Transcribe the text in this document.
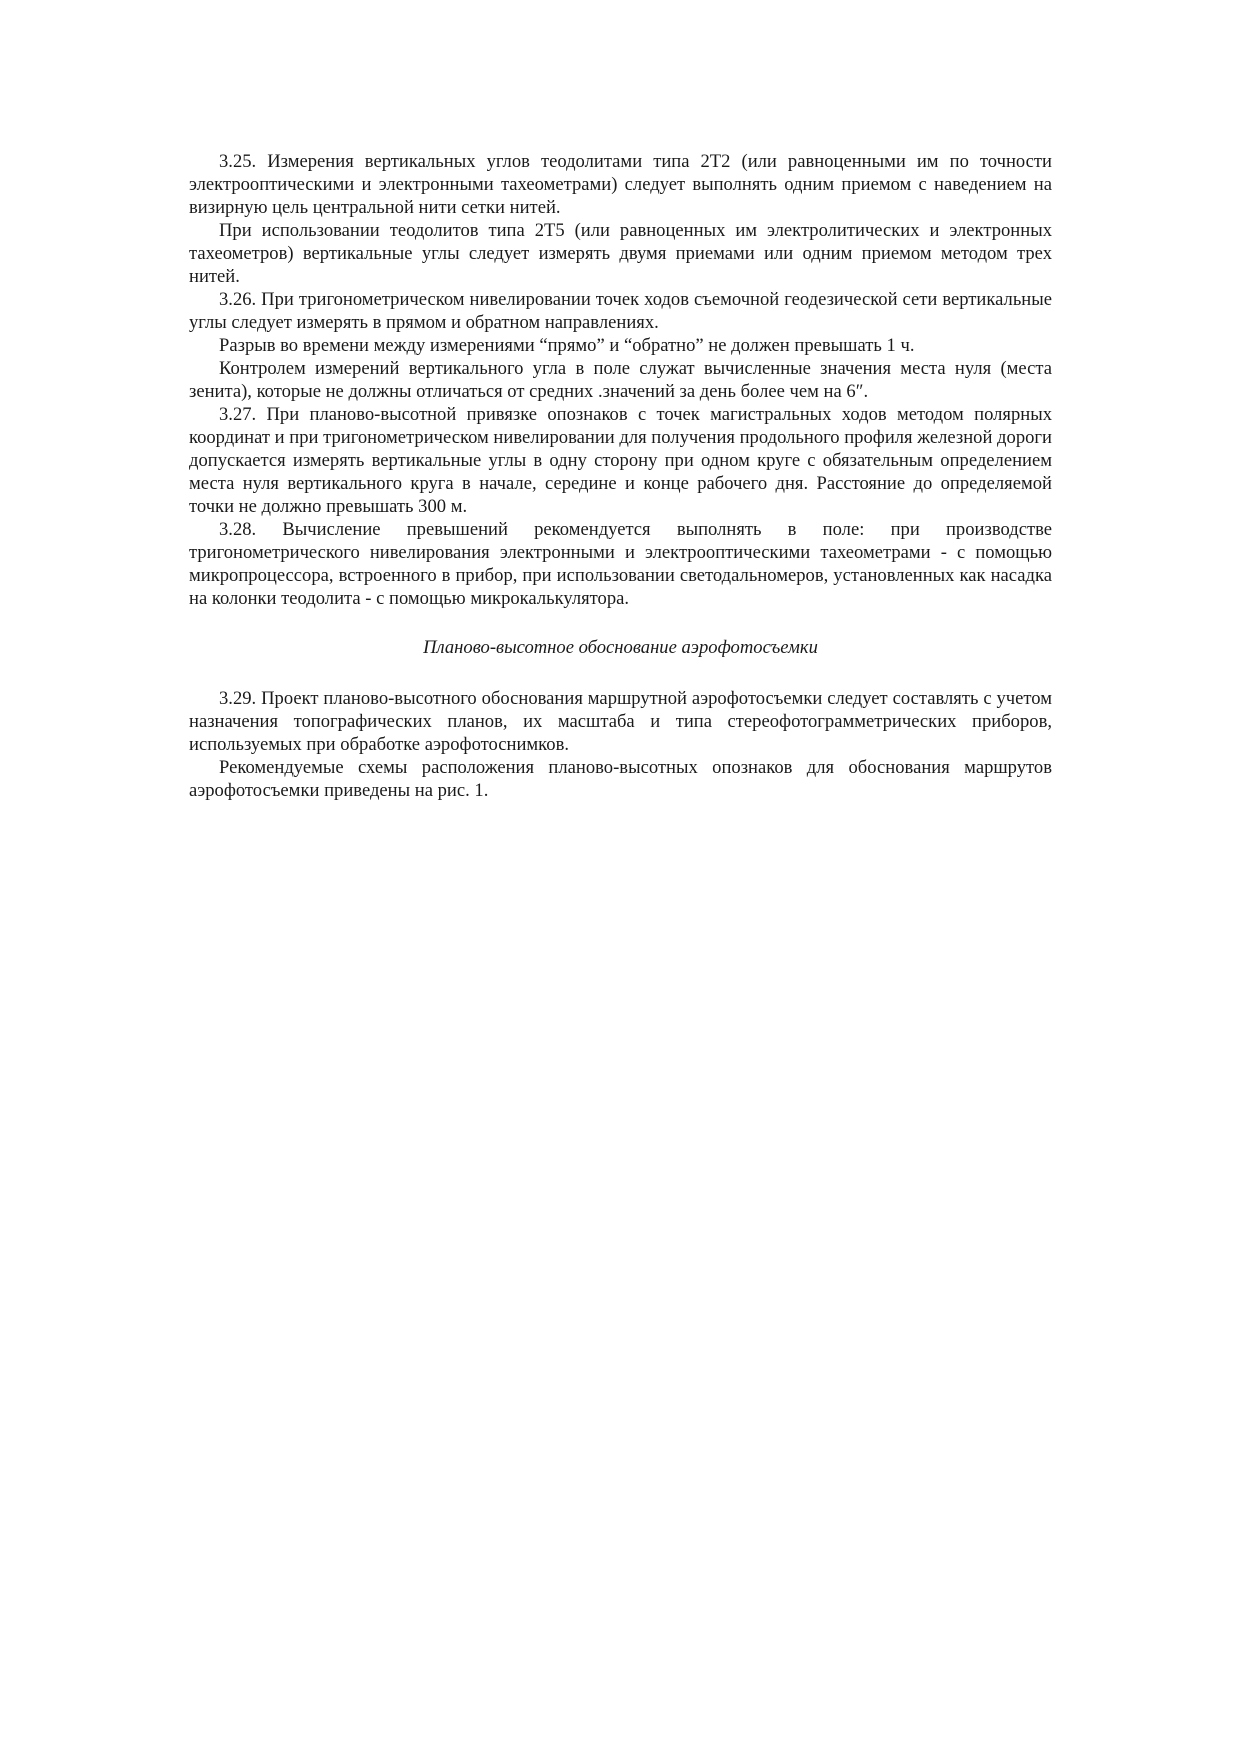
3.25. Измерения вертикальных углов теодолитами типа 2Т2 (или равноценными им по точности электрооптическими и электронными тахеометрами) следует выполнять одним приемом с наведением на визирную цель центральной нити сетки нитей.

При использовании теодолитов типа 2Т5 (или равноценных им электролитических и электронных тахеометров) вертикальные углы следует измерять двумя приемами или одним приемом методом трех нитей.

3.26. При тригонометрическом нивелировании точек ходов съемочной геодезической сети вертикальные углы следует измерять в прямом и обратном направлениях.

Разрыв во времени между измерениями “прямо” и “обратно” не должен превышать 1 ч.

Контролем измерений вертикального угла в поле служат вычисленные значения места нуля (места зенита), которые не должны отличаться от средних .значений за день более чем на 6″.

3.27. При планово-высотной привязке опознаков с точек магистральных ходов методом полярных координат и при тригонометрическом нивелировании для получения продольного профиля железной дороги допускается измерять вертикальные углы в одну сторону при одном круге с обязательным определением места нуля вертикального круга в начале, середине и конце рабочего дня. Расстояние до определяемой точки не должно превышать 300 м.

3.28. Вычисление превышений рекомендуется выполнять в поле: при производстве тригонометрического нивелирования электронными и электрооптическими тахеометрами - с помощью микропроцессора, встроенного в прибор, при использовании светодальномеров, установленных как насадка на колонки теодолита - с помощью микрокалькулятора.

Планово-высотное обоснование аэрофотосъемки

3.29. Проект планово-высотного обоснования маршрутной аэрофотосъемки следует составлять с учетом назначения топографических планов, их масштаба и типа стереофотограмметрических приборов, используемых при обработке аэрофотоснимков.

Рекомендуемые схемы расположения планово-высотных опознаков для обоснования маршрутов аэрофотосъемки приведены на рис. 1.
